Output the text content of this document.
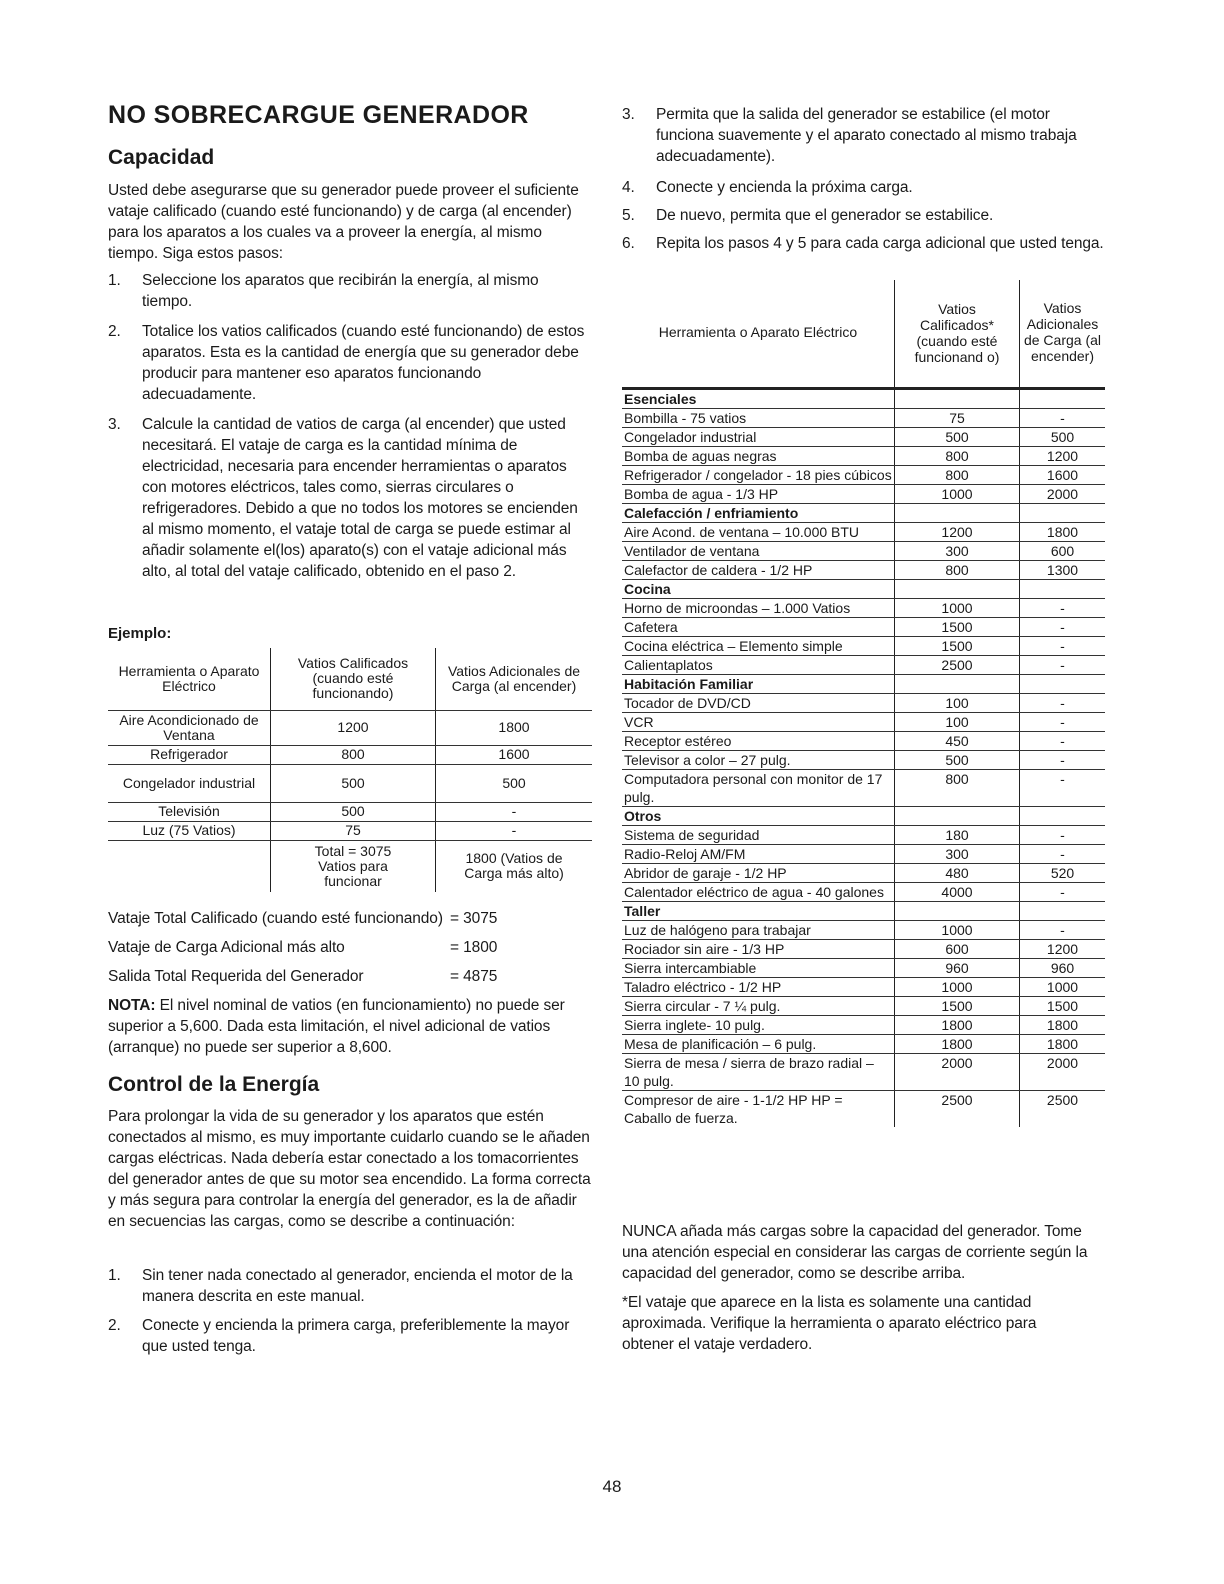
NO SOBRECARGUE GENERADOR
Capacidad

Usted debe asegurarse que su generador puede proveer el suficiente vataje calificado (cuando esté funcionando) y de carga (al encender) para los aparatos a los cuales va a proveer la energía, al mismo tiempo. Siga estos pasos:

1. Seleccione los aparatos que recibirán la energía, al mismo tiempo.
2. Totalice los vatios calificados (cuando esté funcionando) de estos aparatos. Esta es la cantidad de energía que su generador debe producir para mantener eso aparatos funcionando adecuadamente.
3. Calcule la cantidad de vatios de carga (al encender) que usted necesitará. El vataje de carga es la cantidad mínima de electricidad, necesaria para encender herramientas o aparatos con motores eléctricos, tales como, sierras circulares o refrigeradores. Debido a que no todos los motores se encienden al mismo momento, el vataje total de carga se puede estimar al añadir solamente el(los) aparato(s) con el vataje adicional más alto, al total del vataje calificado, obtenido en el paso 2.
Ejemplo:
Herramienta o Aparato Eléctrico	Vatios Calificados (cuando esté funcionando)	Vatios Adicionales de Carga (al encender)
Aire Acondicionado de Ventana	1200	1800
Refrigerador	800	1600
Congelador industrial	500	500
Televisión	500	-
Luz (75 Vatios)	75	-
	Total = 3075 Vatios para funcionar	1800 (Vatios de Carga más alto)
Vataje Total Calificado (cuando esté funcionando) = 3075
Vataje de Carga Adicional más alto	= 1800
Salida Total Requerida del Generador	= 4875

NOTA: El nivel nominal de vatios (en funcionamiento) no puede ser superior a 5,600. Dada esta limitación, el nivel adicional de vatios (arranque) no puede ser superior a 8,600.

Control de la Energía

Para prolongar la vida de su generador y los aparatos que estén conectados al mismo, es muy importante cuidarlo cuando se le añaden cargas eléctricas. Nada debería estar conectado a los tomacorrientes del generador antes de que su motor sea encendido. La forma correcta y más segura para controlar la energía del generador, es la de añadir en secuencias las cargas, como se describe a continuación:

1. Sin tener nada conectado al generador, encienda el motor de la manera descrita en este manual.
2. Conecte y encienda la primera carga, preferiblemente la mayor que usted tenga.
3. Permita que la salida del generador se estabilice (el motor funciona suavemente y el aparato conectado al mismo trabaja adecuadamente).
4. Conecte y encienda la próxima carga.
5. De nuevo, permita que el generador se estabilice.
6. Repita los pasos 4 y 5 para cada carga adicional que usted tenga.
Herramienta o Aparato Eléctrico	Vatios Calificados* (cuando esté funcionand o)	Vatios Adicionales de Carga (al encender)
Esenciales		
Bombilla - 75 vatios	75	-
Congelador industrial	500	500
Bomba de aguas negras	800	1200
Refrigerador / congelador - 18 pies cúbicos	800	1600
Bomba de agua - 1/3 HP	1000	2000
Calefacción / enfriamiento		
Aire Acond. de ventana – 10.000 BTU	1200	1800
Ventilador de ventana	300	600
Calefactor de caldera - 1/2 HP	800	1300
Cocina		
Horno de microondas – 1.000 Vatios	1000	-
Cafetera	1500	-
Cocina eléctrica – Elemento simple	1500	-
Calientaplatos	2500	-
Habitación Familiar		
Tocador de DVD/CD	100	-
VCR	100	-
Receptor estéreo	450	-
Televisor a color – 27 pulg.	500	-
Computadora personal con monitor de 17 pulg.	800	-
Otros		
Sistema de seguridad	180	-
Radio-Reloj AM/FM	300	-
Abridor de garaje - 1/2 HP	480	520
Calentador eléctrico de agua - 40 galones	4000	-
Taller		
Luz de halógeno para trabajar	1000	-
Rociador sin aire - 1/3 HP	600	1200
Sierra intercambiable	960	960
Taladro eléctrico - 1/2 HP	1000	1000
Sierra circular - 7 ¼ pulg.	1500	1500
Sierra inglete- 10 pulg.	1800	1800
Mesa de planificación – 6 pulg.	1800	1800
Sierra de mesa / sierra de brazo radial – 10 pulg.	2000	2000
Compresor de aire - 1-1/2 HP HP = Caballo de fuerza.	2500	2500

NUNCA añada más cargas sobre la capacidad del generador. Tome una atención especial en considerar las cargas de corriente según la capacidad del generador, como se describe arriba.

*El vataje que aparece en la lista es solamente una cantidad aproximada. Verifique la herramienta o aparato eléctrico para obtener el vataje verdadero.

48
